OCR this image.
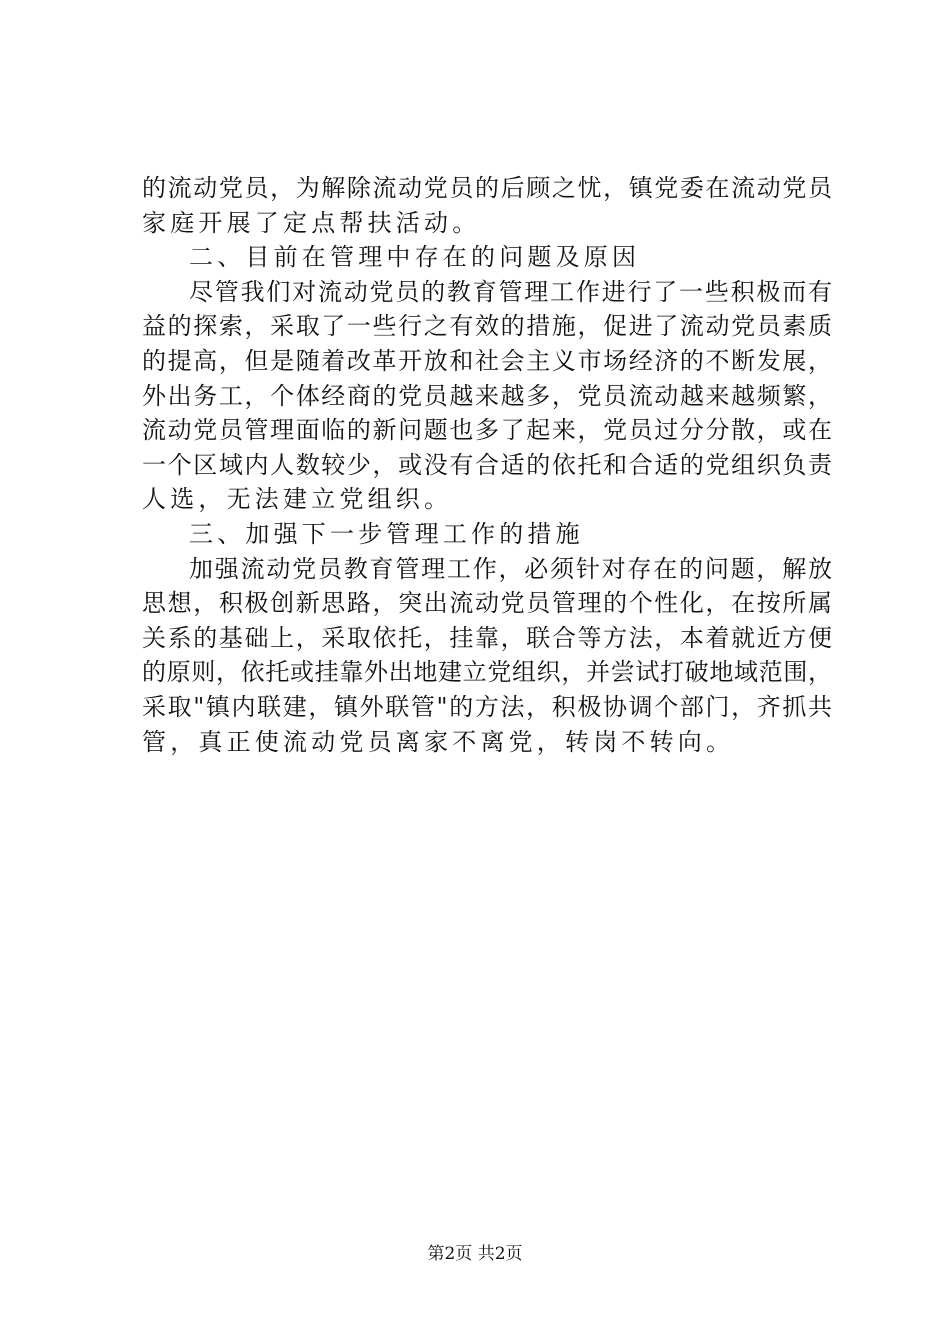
的流动党员，为解除流动党员的后顾之忧，镇党委在流动党员
家庭开展了定点帮扶活动。
二、目前在管理中存在的问题及原因
尽管我们对流动党员的教育管理工作进行了一些积极而有
益的探索，采取了一些行之有效的措施，促进了流动党员素质
的提高，但是随着改革开放和社会主义市场经济的不断发展，
外出务工，个体经商的党员越来越多，党员流动越来越频繁，
流动党员管理面临的新问题也多了起来，党员过分分散，或在
一个区域内人数较少，或没有合适的依托和合适的党组织负责
人选，无法建立党组织。
三、加强下一步管理工作的措施
加强流动党员教育管理工作，必须针对存在的问题，解放
思想，积极创新思路，突出流动党员管理的个性化，在按所属
关系的基础上，采取依托，挂靠，联合等方法，本着就近方便
的原则，依托或挂靠外出地建立党组织，并尝试打破地域范围，
采取"镇内联建，镇外联管"的方法，积极协调个部门，齐抓共
管，真正使流动党员离家不离党，转岗不转向。
第2页 共2页
